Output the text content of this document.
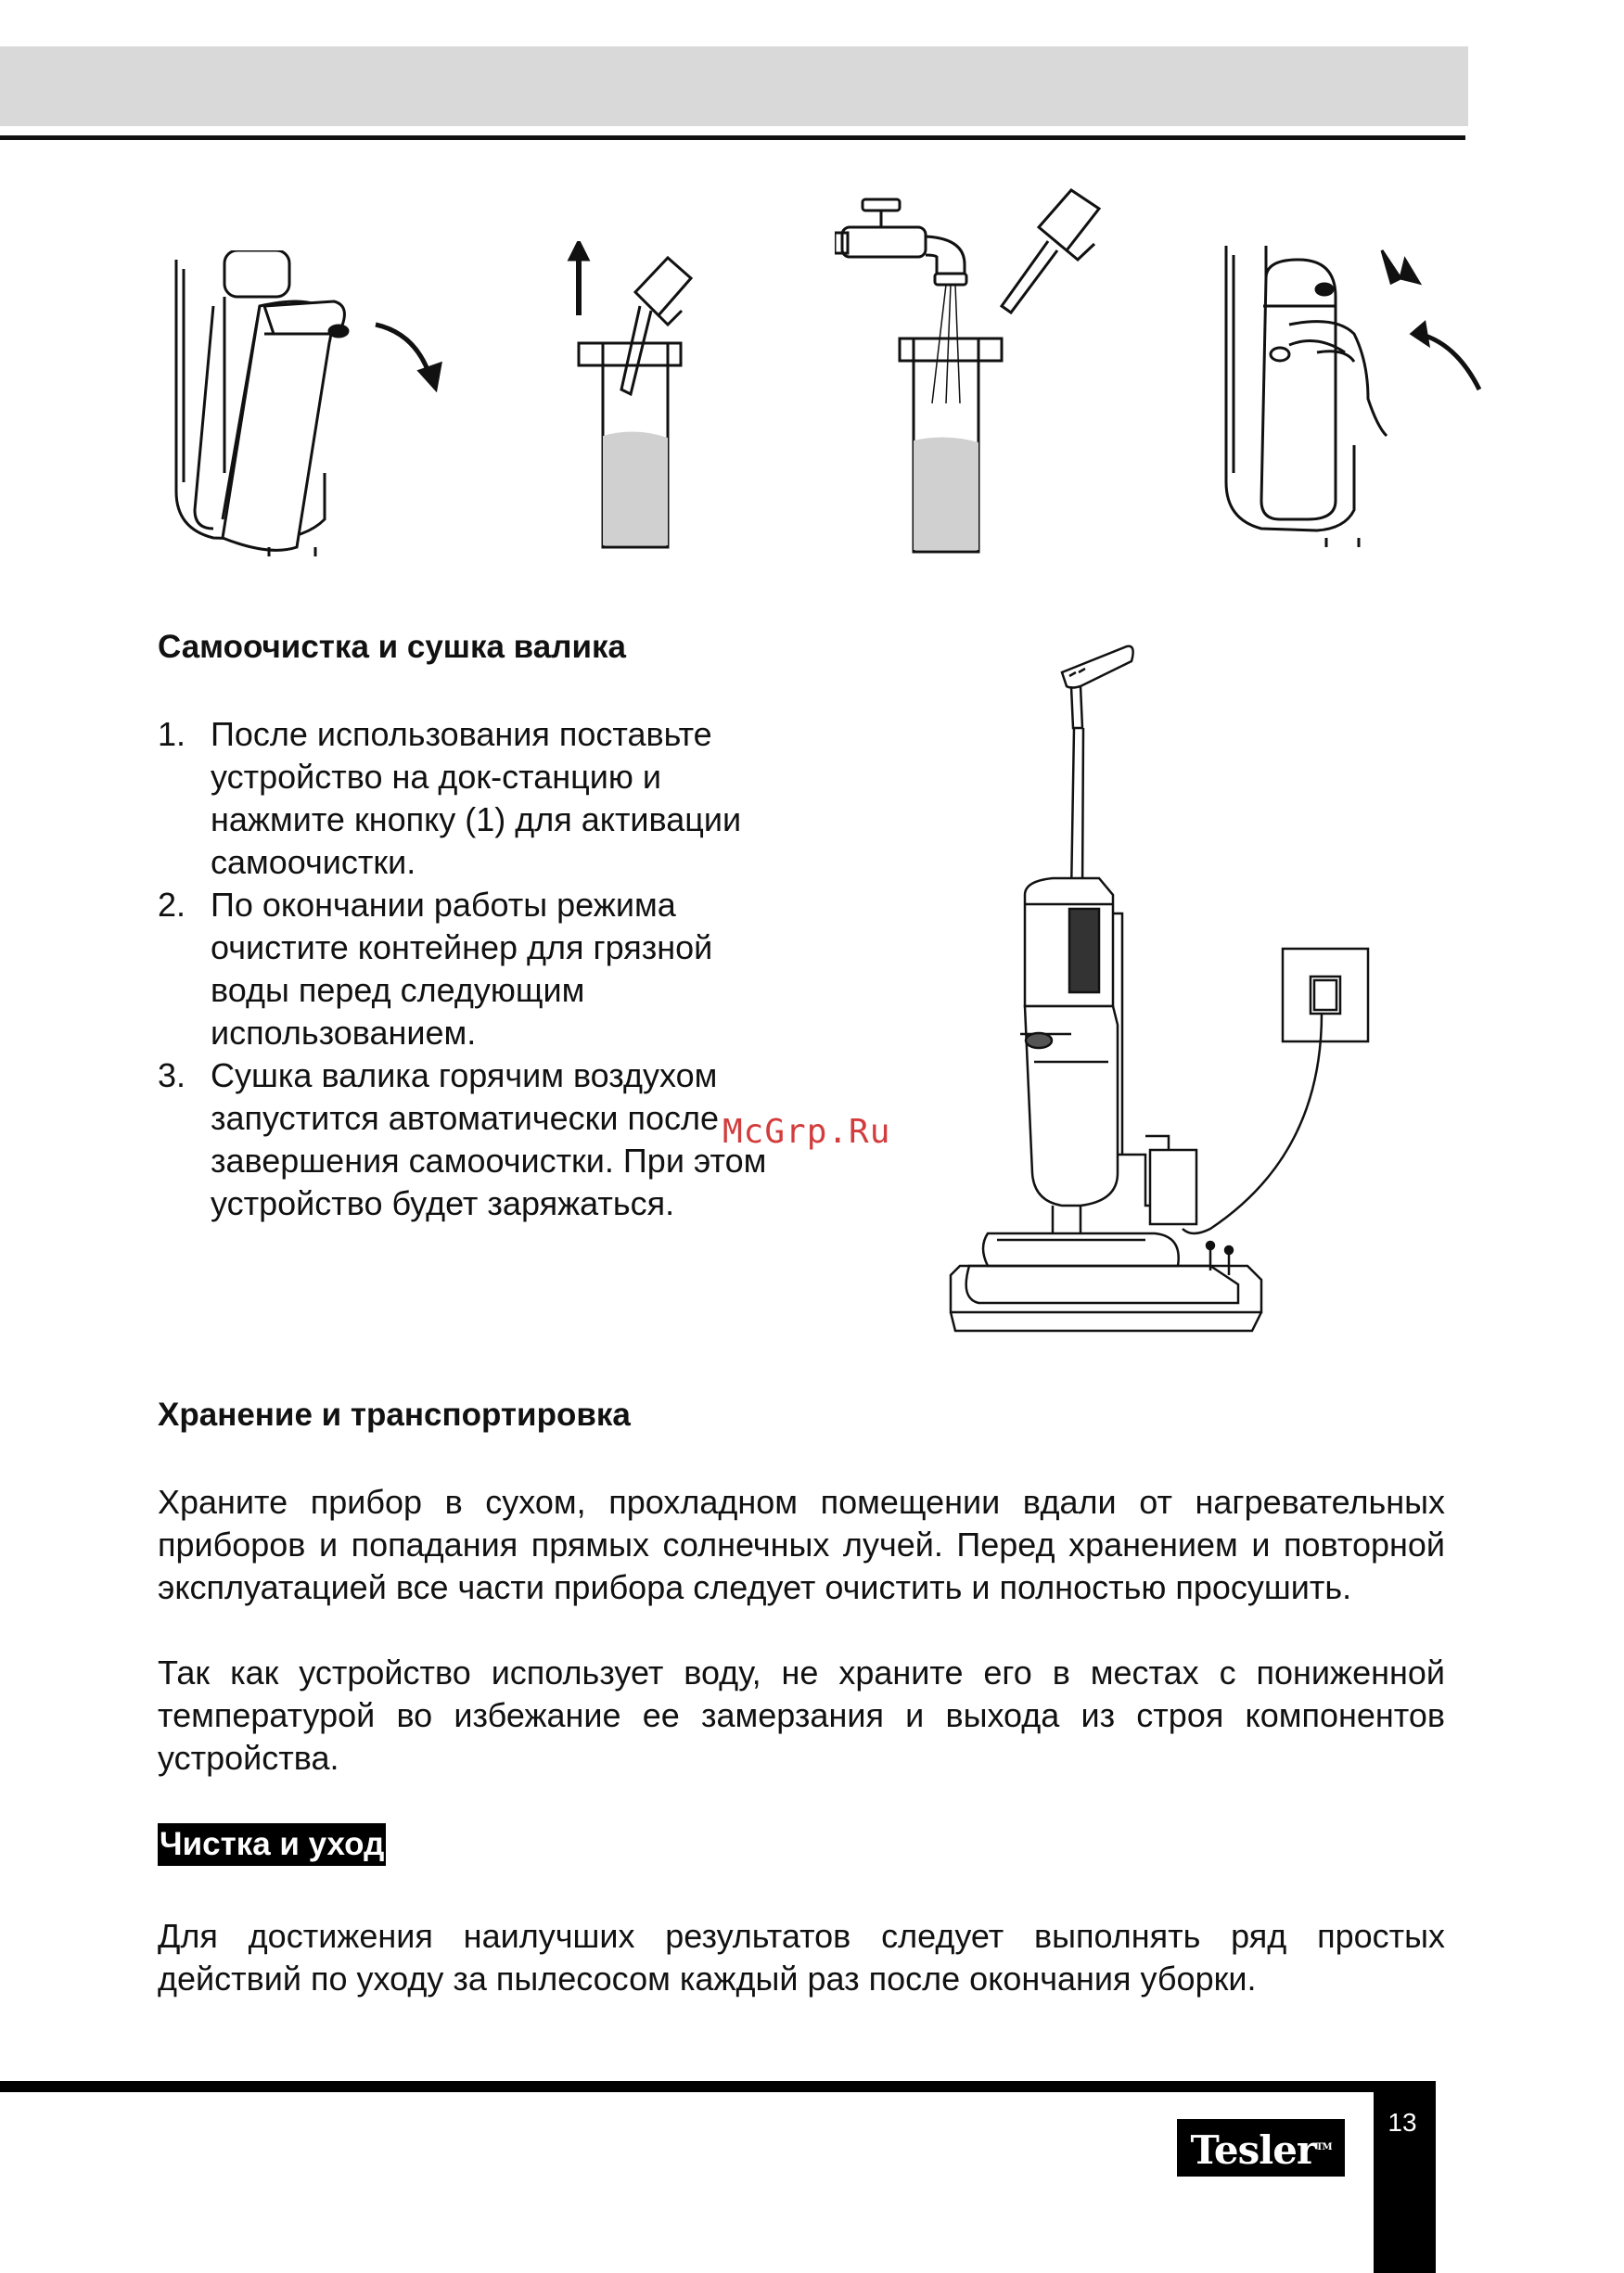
Самоочистка и сушка валика
1. После использования поставьте устройство на док-станцию и нажмите кнопку (1) для активации самоочистки.
2. По окончании работы режима очистите контейнер для грязной воды перед следующим использованием.
3. Сушка валика горячим воздухом запустится автоматически после завершения самоочистки. При этом устройство будет заряжаться.
McGrp.Ru
Хранение и транспортировка

Храните прибор в сухом, прохладном помещении вдали от нагревательных приборов и попадания прямых солнечных лучей. Перед хранением и повторной эксплуатацией все части прибора следует очистить и полностью просушить.

Так как устройство использует воду, не храните его в местах с пониженной температурой во избежание ее замерзания и выхода из строя компонентов устройства.

Чистка и уход

Для достижения наилучших результатов следует выполнять ряд простых действий по уходу за пылесосом каждый раз после окончания уборки.

13
Tesler™
